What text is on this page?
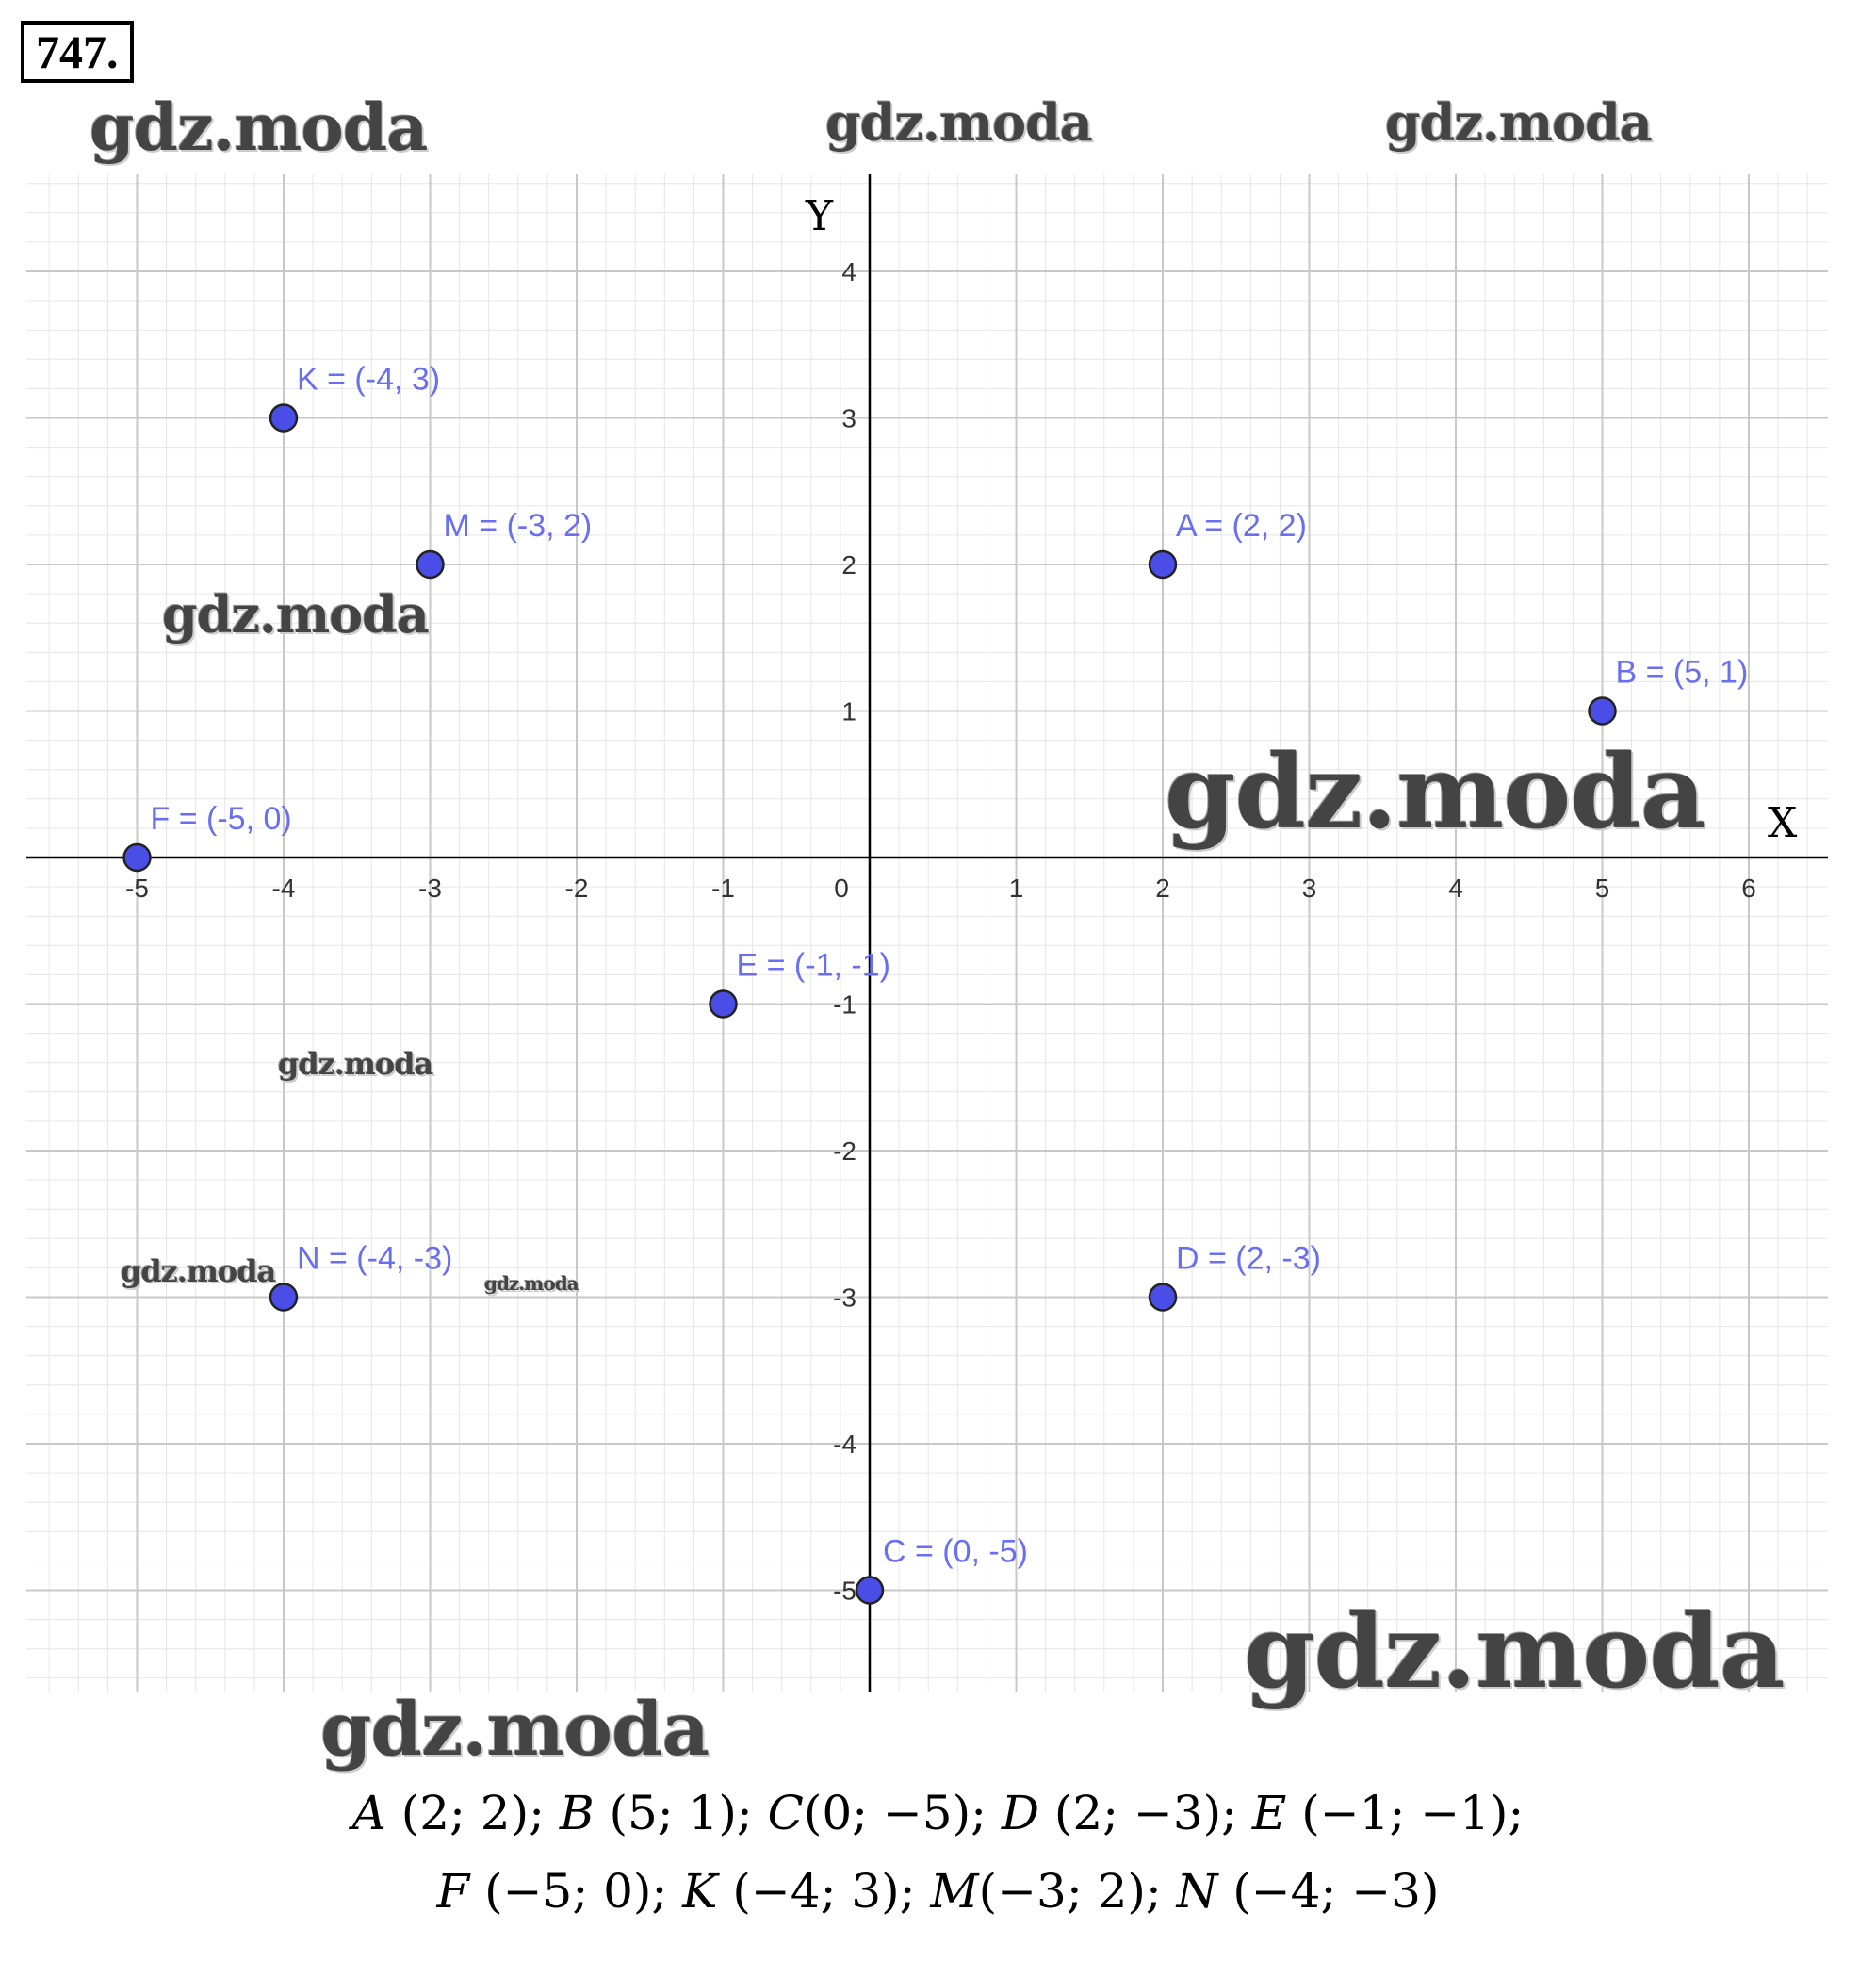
747.
X
Y
-5	-4	-3	-2	-1	0	1	2	3	4	5	6
4
3
2
1
-1
-2
-3
-4
-5
K = (-4, 3)
M = (-3, 2)	A = (2, 2)
B = (5, 1)
F = (-5, 0)
E = (-1, -1)
N = (-4, -3)	D = (2, -3)
C = (0, -5)
gdz.moda	gdz.moda	gdz.moda
gdz.moda
gdz.moda
gdz.moda
gdz.moda	gdz.moda
gdz.moda
gdz.moda
A (2; 2); B (5; 1); C(0; −5); D (2; −3); E (−1; −1);
F (−5; 0); K (−4; 3); M(−3; 2); N (−4; −3)
